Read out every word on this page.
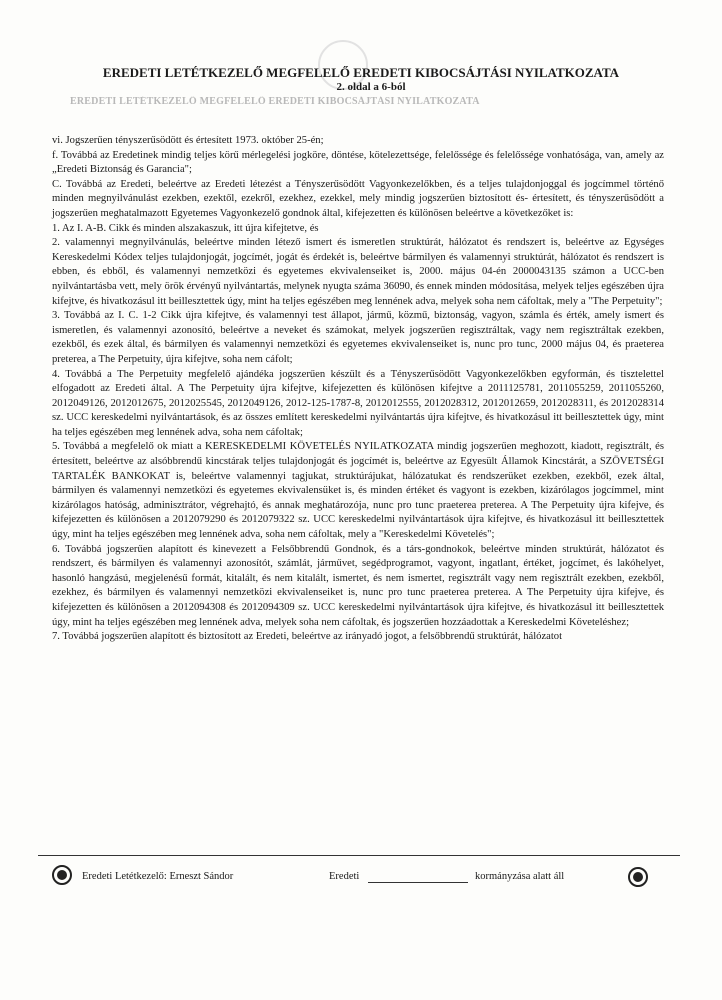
EREDETI LETÉTKEZELŐ MEGFELELŐ EREDETI KIBOCSÁJTÁSI NYILATKOZATA
EREDETI LETÉTKEZELŐ MEGFELELŐ EREDETI KIBOCSÁJTÁSI NYILATKOZATA
2. oldal a 6-ból

vi. Jogszerűen tényszerűsödött és értesített 1973. október 25-én;

f. Továbbá az Eredetinek mindig teljes körű mérlegelési jogköre, döntése, kötelezettsége, felelőssége és felelőssége vonhatósága, van, amely az „Eredeti Biztonság és Garancia";

C. Továbbá az Eredeti, beleértve az Eredeti létezést a Tényszerűsödött Vagyonkezelőkben, és a teljes tulajdonjoggal és jogcímmel történő minden megnyilvánulást ezekben, ezektől, ezekről, ezekhez, ezekkel, mely mindig jogszerűen biztosított és- értesített, és tényszerűsödött a jogszerűen meghatalmazott Egyetemes Vagyonkezelő gondnok által, kifejezetten és különösen beleértve a következőket is:

1. Az I. A-B. Cikk és minden alszakaszuk, itt újra kifejtetve, és

2. valamennyi megnyilvánulás, beleértve minden létező ismert és ismeretlen struktúrát, hálózatot és rendszert is, beleértve az Egységes Kereskedelmi Kódex teljes tulajdonjogát, jogcímét, jogát és érdekét is, beleértve bármilyen és valamennyi struktúrát, hálózatot és rendszert is ebben, és ebből, és valamennyi nemzetközi és egyetemes ekvivalenseiket is, 2000. május 04-én 2000043135 számon a UCC-ben nyilvántartásba vett, mely örök érvényű nyilvántartás, melynek nyugta száma 36090, és ennek minden módosítása, melyek teljes egészében újra kifejtve, és hivatkozásul itt beillesztettek úgy, mint ha teljes egészében meg lennének adva, melyek soha nem cáfoltak, mely a "The Perpetuity";

3. Továbbá az I. C. 1-2 Cikk újra kifejtve, és valamennyi test állapot, jármű, közmű, biztonság, vagyon, számla és érték, amely ismert és ismeretlen, és valamennyi azonosító, beleértve a neveket és számokat, melyek jogszerűen regisztráltak, vagy nem regisztráltak ezekben, ezekből, és ezek által, és bármilyen és valamennyi nemzetközi és egyetemes ekvivalenseiket is, nunc pro tunc, 2000 május 04, és praeterea preterea, a The Perpetuity, újra kifejtve, soha nem cáfolt;

4. Továbbá a The Perpetuity megfelelő ajándéka jogszerűen készült és a Tényszerűsödött Vagyonkezelőkben egyformán, és tisztelettel elfogadott az Eredeti által. A The Perpetuity újra kifejtve, kifejezetten és különösen kifejtve a 2011125781, 2011055259, 2011055260, 2012049126, 2012012675, 2012025545, 2012049126, 2012-125-1787-8, 2012012555, 2012028312, 2012012659, 2012028311, és 2012028314 sz. UCC kereskedelmi nyilvántartások, és az összes említett kereskedelmi nyilvántartás újra kifejtve, és hivatkozásul itt beillesztettek úgy, mint ha teljes egészében meg lennének adva, soha nem cáfoltak;

5. Továbbá a megfelelő ok miatt a KERESKEDELMI KÖVETELÉS NYILATKOZATA mindig jogszerűen meghozott, kiadott, regisztrált, és értesített, beleértve az alsóbbrendű kincstárak teljes tulajdonjogát és jogcímét is, beleértve az Egyesült Államok Kincstárát, a SZÖVETSÉGI TARTALÉK BANKOKAT is, beleértve valamennyi tagjukat, struktúrájukat, hálózatukat és rendszerüket ezekben, ezekből, ezek által, bármilyen és valamennyi nemzetközi és egyetemes ekvivalensüket is, és minden értéket és vagyont is ezekben, kizárólagos jogcímmel, mint kizárólagos hatóság, adminisztrátor, végrehajtó, és annak meghatározója, nunc pro tunc praeterea preterea. A The Perpetuity újra kifejve, és kifejezetten és különösen a 2012079290 és 2012079322 sz. UCC kereskedelmi nyilvántartások újra kifejtve, és hivatkozásul itt beillesztettek úgy, mint ha teljes egészében meg lennének adva, soha nem cáfoltak, mely a "Kereskedelmi Követelés";

6. Továbbá jogszerűen alapított és kinevezett a Felsőbbrendű Gondnok, és a társ-gondnokok, beleértve minden struktúrát, hálózatot és rendszert, és bármilyen és valamennyi azonosítót, számlát, járművet, segédprogramot, vagyont, ingatlant, értéket, jogcímet, és lakóhelyet, hasonló hangzású, megjelenésű formát, kitalált, és nem kitalált, ismertet, és nem ismertet, regisztrált vagy nem regisztrált ezekben, ezekből, ezekhez, és bármilyen és valamennyi nemzetközi ekvivalenseiket is, nunc pro tunc praeterea preterea. A The Perpetuity újra kifejve, és kifejezetten és különösen a 2012094308 és 2012094309 sz. UCC kereskedelmi nyilvántartások újra kifejtve, és hivatkozásul itt beillesztettek úgy, mint ha teljes egészében meg lennének adva, melyek soha nem cáfoltak, és jogszerűen hozzáadottak a Kereskedelmi Követeléshez;

7. Továbbá jogszerűen alapított és biztosított az Eredeti, beleértve az irányadó jogot, a felsőbbrendű struktúrát, hálózatot

Eredeti Letétkezelő: Erneszt Sándor	Eredeti	kormányzása alatt áll
